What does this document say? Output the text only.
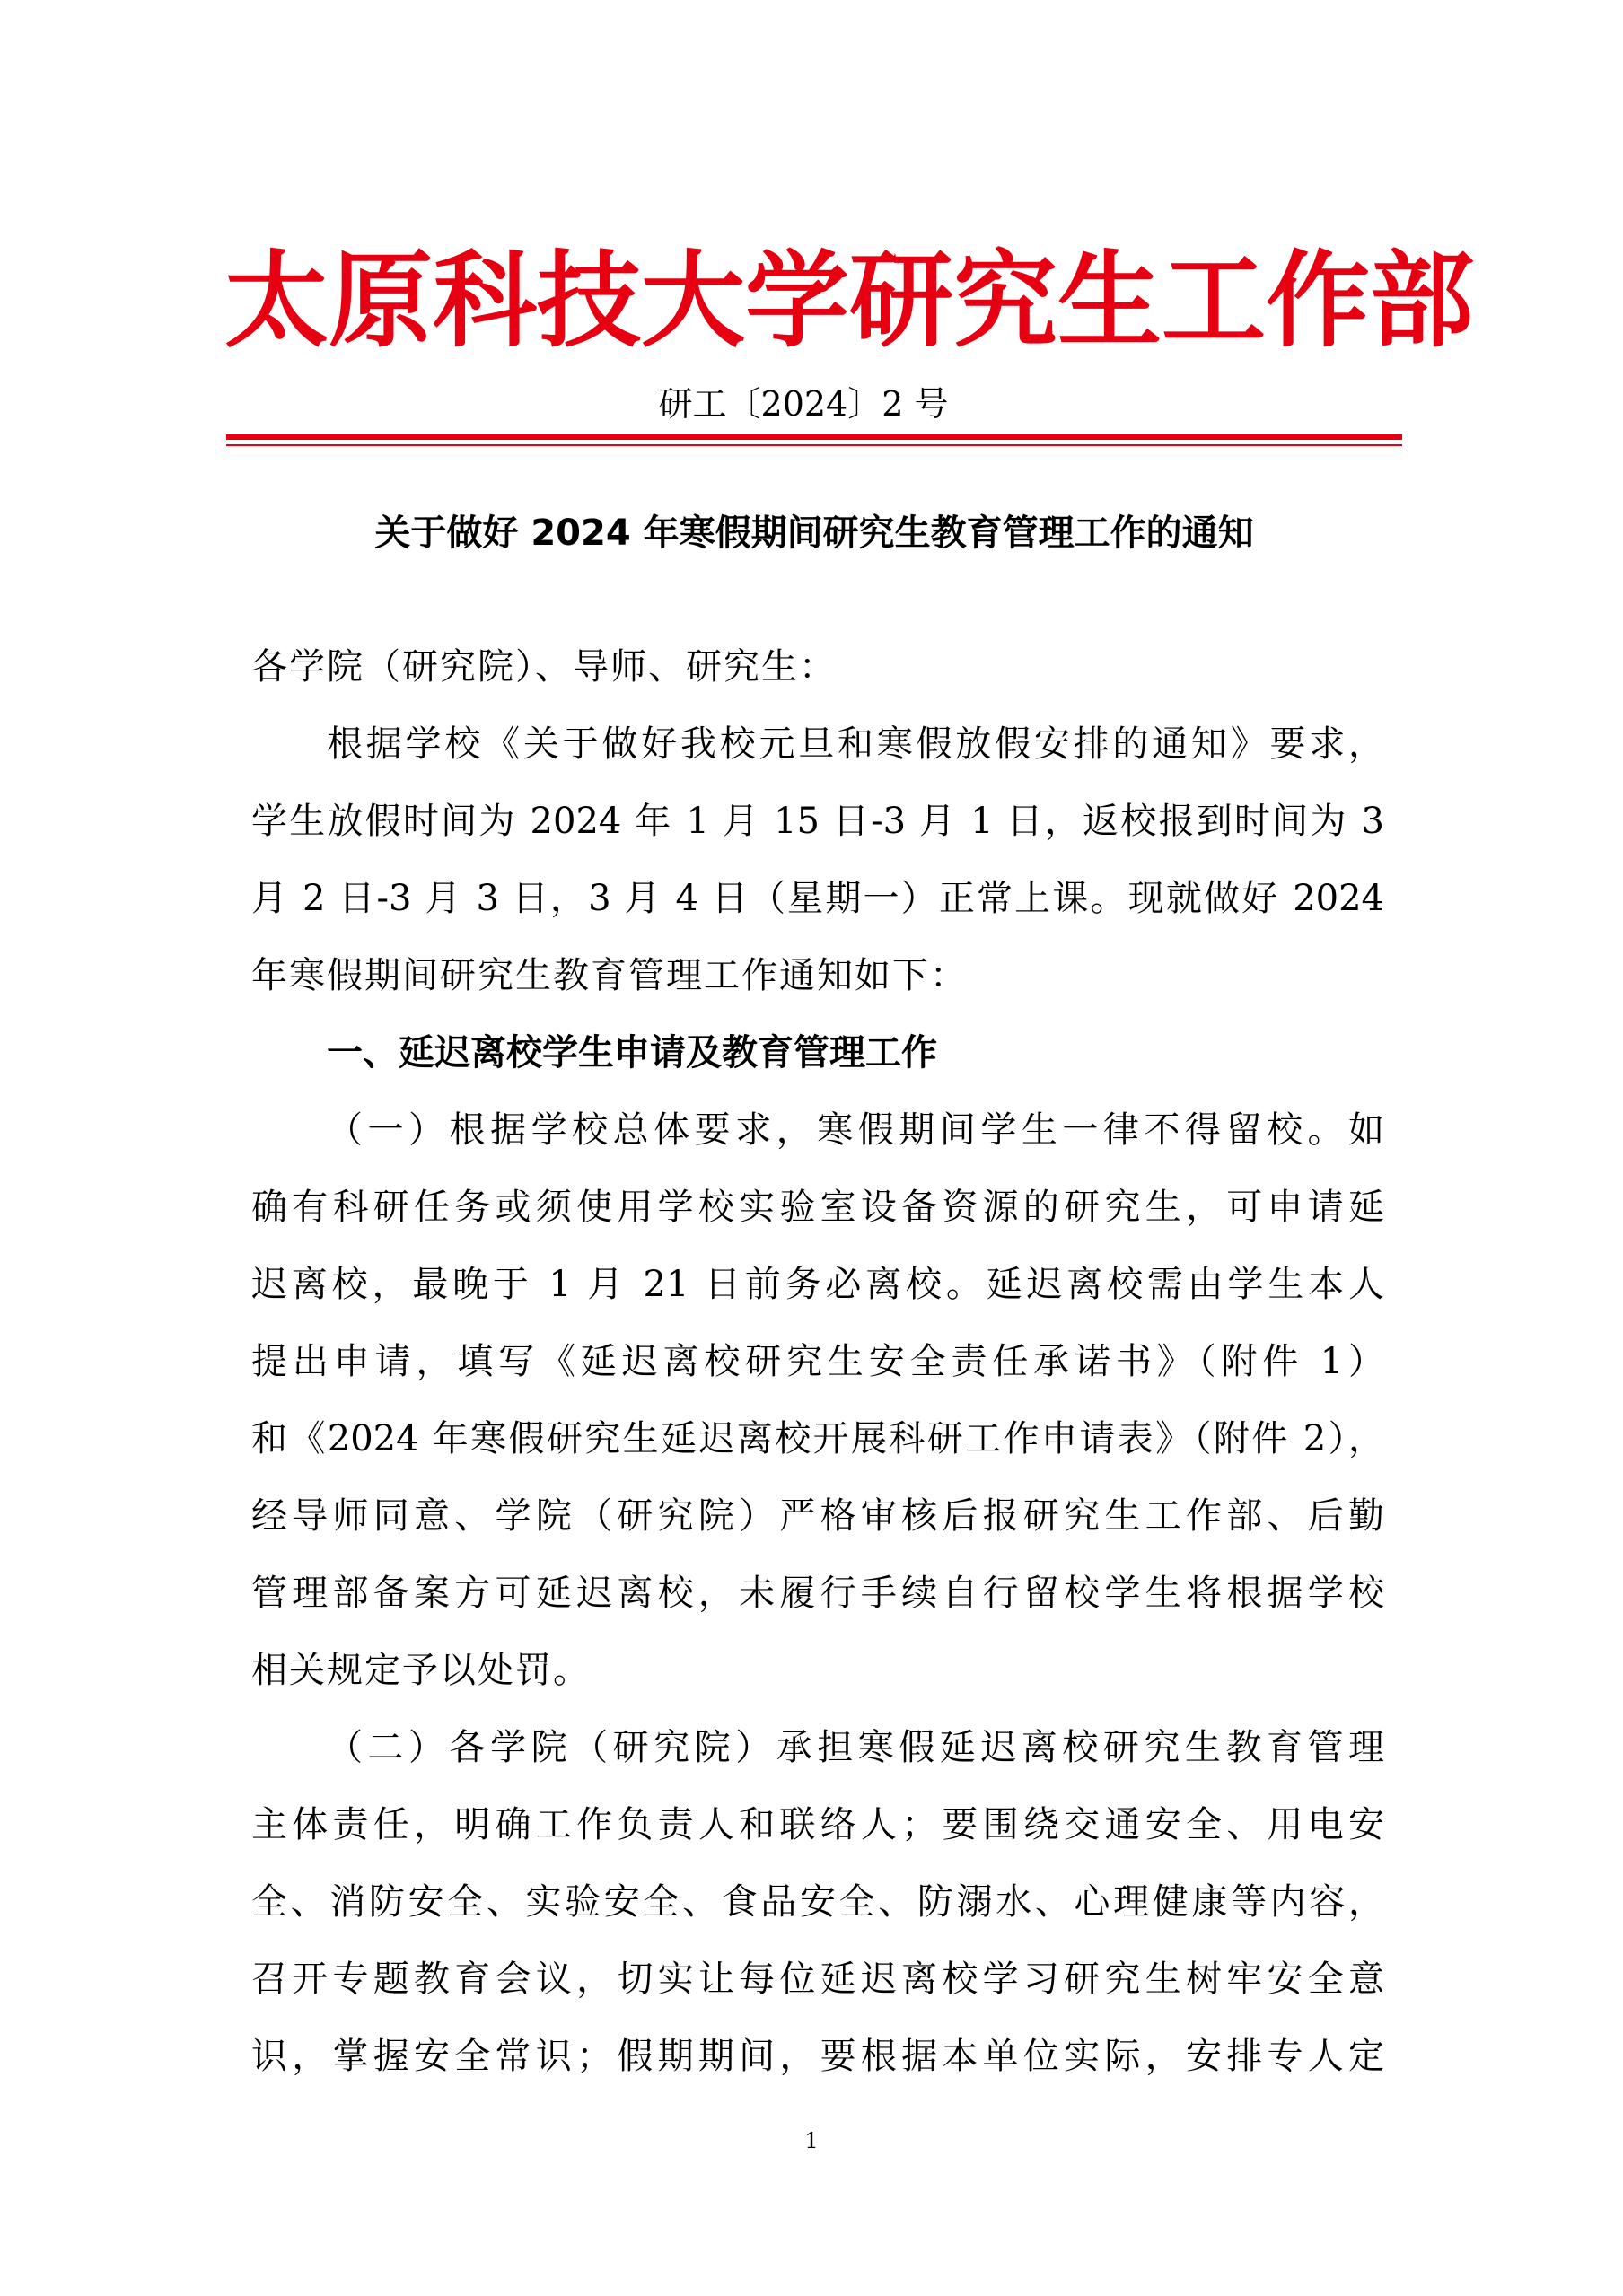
太原科技大学研究生工作部
研工〔2024〕2 号
关于做好 2024 年寒假期间研究生教育管理工作的通知
各学院（研究院）、导师、研究生：
根据学校《关于做好我校元旦和寒假放假安排的通知》要求，
学生放假时间为 2024 年 1 月 15 日-3 月 1 日，返校报到时间为 3
月 2 日-3 月 3 日，3 月 4 日（星期一）正常上课。现就做好 2024
年寒假期间研究生教育管理工作通知如下：
一、延迟离校学生申请及教育管理工作
（一）根据学校总体要求，寒假期间学生一律不得留校。如
确有科研任务或须使用学校实验室设备资源的研究生，可申请延
迟离校，最晚于 1 月 21 日前务必离校。延迟离校需由学生本人
提出申请，填写《延迟离校研究生安全责任承诺书》（附件 1）
和《2024 年寒假研究生延迟离校开展科研工作申请表》（附件 2），
经导师同意、学院（研究院）严格审核后报研究生工作部、后勤
管理部备案方可延迟离校，未履行手续自行留校学生将根据学校
相关规定予以处罚。
（二）各学院（研究院）承担寒假延迟离校研究生教育管理
主体责任，明确工作负责人和联络人；要围绕交通安全、用电安
全、消防安全、实验安全、食品安全、防溺水、心理健康等内容，
召开专题教育会议，切实让每位延迟离校学习研究生树牢安全意
识，掌握安全常识；假期期间，要根据本单位实际，安排专人定
1
